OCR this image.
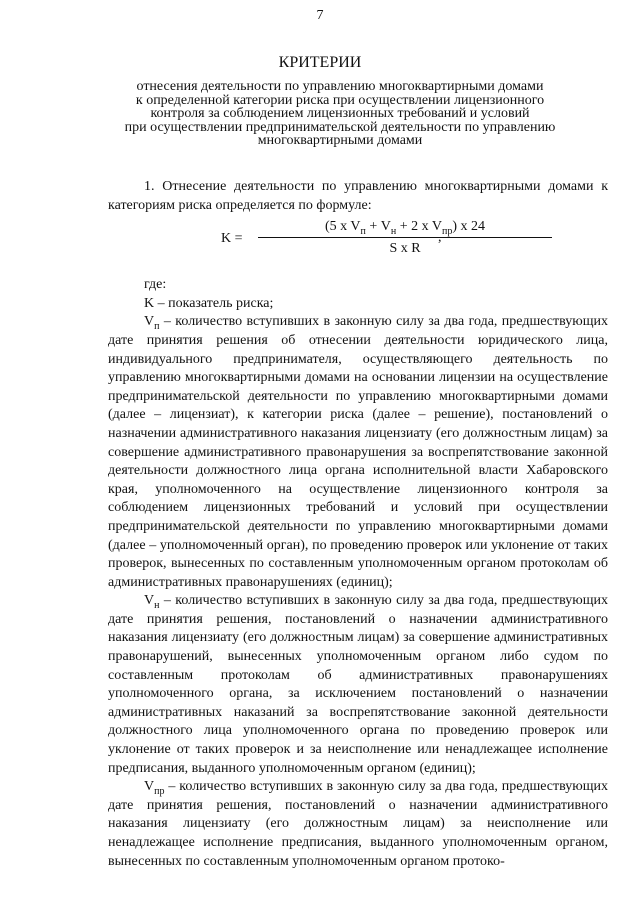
7
КРИТЕРИИ
отнесения деятельности по управлению многоквартирными домами
к определенной категории риска при осуществлении лицензионного
контроля за соблюдением лицензионных требований и условий
при осуществлении предпринимательской деятельности по управлению
многоквартирными домами

1. Отнесение деятельности по управлению многоквартирными домами к категориям риска определяется по формуле:

K =
(5 x $V_п + V_н + 2$ x $V_{пр}$) x 24
S x R
,

где:

K – показатель риска;

$V_п$ – количество вступивших в законную силу за два года, предшествующих дате принятия решения об отнесении деятельности юридического лица, индивидуального предпринимателя, осуществляющего деятельность по управлению многоквартирными домами на основании лицензии на осуществление предпринимательской деятельности по управлению многоквартирными домами (далее – лицензиат), к категории риска (далее – решение), постановлений о назначении административного наказания лицензиату (его должностным лицам) за совершение административного правонарушения за воспрепятствование законной деятельности должностного лица органа исполнительной власти Хабаровского края, уполномоченного на осуществление лицензионного контроля за соблюдением лицензионных требований и условий при осуществлении предпринимательской деятельности по управлению многоквартирными домами (далее – уполномоченный орган), по проведению проверок или уклонение от таких проверок, вынесенных по составленным уполномоченным органом протоколам об административных правонарушениях (единиц);

$V_н$ – количество вступивших в законную силу за два года, предшествующих дате принятия решения, постановлений о назначении административного наказания лицензиату (его должностным лицам) за совершение административных правонарушений, вынесенных уполномоченным органом либо судом по составленным протоколам об административных правонарушениях уполномоченного органа, за исключением постановлений о назначении административных наказаний за воспрепятствование законной деятельности должностного лица уполномоченного органа по проведению проверок или уклонение от таких проверок и за неисполнение или ненадлежащее исполнение предписания, выданного уполномоченным органом (единиц);

$V_{пр}$ – количество вступивших в законную силу за два года, предшествующих дате принятия решения, постановлений о назначении административного наказания лицензиату (его должностным лицам) за неисполнение или ненадлежащее исполнение предписания, выданного уполномоченным органом, вынесенных по составленным уполномоченным органом протоко-
